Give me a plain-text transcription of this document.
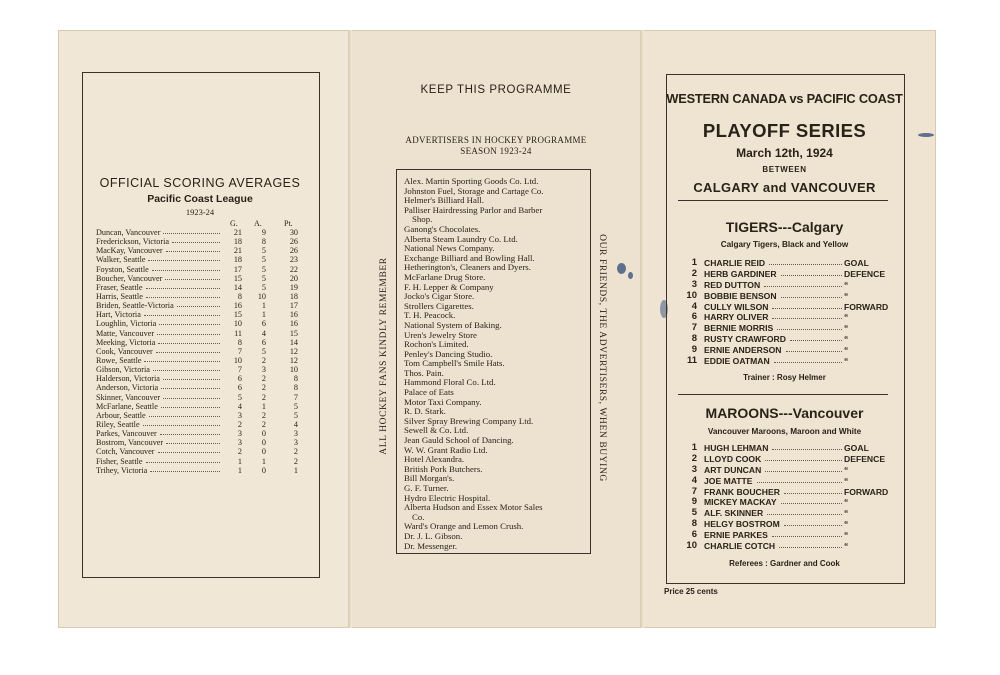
OFFICIAL SCORING AVERAGES
Pacific Coast League
1923-24
G. A.	Pt.
Duncan, Vancouver	21	9	30
Frederickson, Victoria	18	8	26
MacKay, Vancouver	21	5	26
Walker, Seattle	18	5	23
Foyston, Seattle	17	5	22
Boucher, Vancouver	15	5	20
Fraser, Seattle	14	5	19
Harris, Seattle	8	10	18
Briden, Seattle-Victoria	16	1	17
Hart, Victoria	15	1	16
Loughlin, Victoria	10	6	16
Matte, Vancouver	11	4	15
Meeking, Victoria	8	6	14
Cook, Vancouver	7	5	12
Rowe, Seattle	10	2	12
Gibson, Victoria	7	3	10
Halderson, Victoria	6	2	8
Anderson, Victoria	6	2	8
Skinner, Vancouver	5	2	7
McFarlane, Seattle	4	1	5
Arbour, Seattle	3	2	5
Riley, Seattle	2	2	4
Parkes, Vancouver	3	0	3
Bostrom, Vancouver	3	0	3
Cotch, Vancouver	2	0	2
Fisher, Seattle	1	1	2
Trihey, Victoria	1	0	1
KEEP THIS PROGRAMME
ADVERTISERS IN HOCKEY PROGRAMME
SEASON 1923-24
Alex. Martin Sporting Goods Co. Ltd.
Johnston Fuel, Storage and Cartage Co.
Helmer's Billiard Hall.
Palliser Hairdressing Parlor and Barber
Shop.
Ganong's Chocolates.
Alberta Steam Laundry Co. Ltd.
National News Company.
Exchange Billiard and Bowling Hall.
Hetherington's, Cleaners and Dyers.
McFarlane Drug Store.
F. H. Lepper & Company
Jocko's Cigar Store.
Strollers Cigarettes.
T. H. Peacock.
National System of Baking.
Uren's Jewelry Store
Rochon's Limited.
Penley's Dancing Studio.
Tom Campbell's Smile Hats.
Thos. Pain.
Hammond Floral Co. Ltd.
Palace of Eats
Motor Taxi Company.
R. D. Stark.
Silver Spray Brewing Company Ltd.
Sewell & Co. Ltd.
Jean Gauld School of Dancing.
W. W. Grant Radio Ltd.
Hotel Alexandra.
British Pork Butchers.
Bill Morgan's.
G. F. Turner.
Hydro Electric Hospital.
Alberta Hudson and Essex Motor Sales
Co.
Ward's Orange and Lemon Crush.
Dr. J. L. Gibson.
Dr. Messenger.
ALL HOCKEY FANS KINDLY REMEMBER	OUR FRIENDS, THE ADVERTISERS, WHEN BUYING
WESTERN CANADA vs PACIFIC COAST
PLAYOFF SERIES
March 12th, 1924
BETWEEN
CALGARY and VANCOUVER
TIGERS---Calgary
Calgary Tigers, Black and Yellow
1 CHARLIE REID	GOAL
2 HERB GARDINER	DEFENCE
3 RED DUTTON	“
10 BOBBIE BENSON	“
4 CULLY WILSON	FORWARD
6 HARRY OLIVER	“
7 BERNIE MORRIS	“
8 RUSTY CRAWFORD	“
9 ERNIE ANDERSON	“
11 EDDIE OATMAN	“
Trainer : Rosy Helmer
MAROONS---Vancouver
Vancouver Maroons, Maroon and White
1 HUGH LEHMAN	GOAL
2 LLOYD COOK	DEFENCE
3 ART DUNCAN	“
4 JOE MATTE	“
7 FRANK BOUCHER	FORWARD
9 MICKEY MACKAY	“
5 ALF. SKINNER	“
8 HELGY BOSTROM	“
6 ERNIE PARKES	“
10 CHARLIE COTCH	“
Referees : Gardner and Cook
Price 25 cents
